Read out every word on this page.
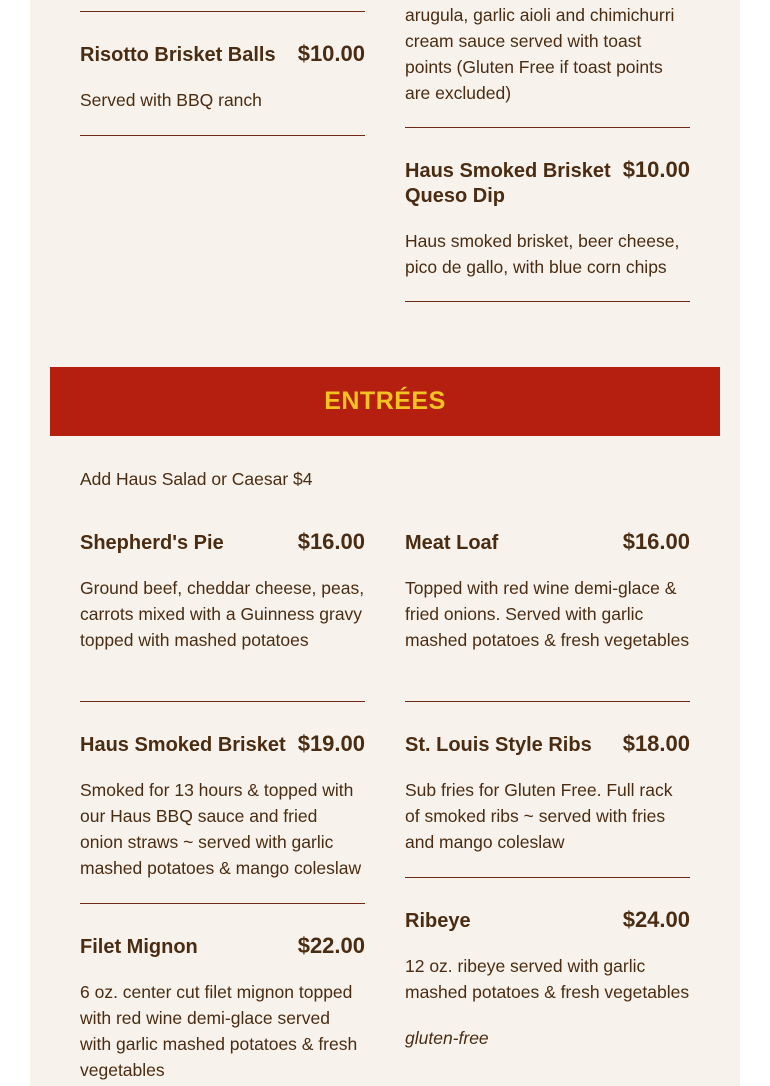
Risotto Brisket Balls	$10.00
Served with BBQ ranch
arugula, garlic aioli and chimichurri cream sauce served with toast points (Gluten Free if toast points are excluded)
Haus Smoked Brisket Queso Dip
$10.00
Haus smoked brisket, beer cheese, pico de gallo, with blue corn chips
ENTRÉES
Add Haus Salad or Caesar $4
Shepherd's Pie	$16.00
Ground beef, cheddar cheese, peas, carrots mixed with a Guinness gravy topped with mashed potatoes
Haus Smoked Brisket $19.00
Smoked for 13 hours & topped with our Haus BBQ sauce and fried onion straws ~ served with garlic mashed potatoes & mango coleslaw
Filet Mignon	$22.00
6 oz. center cut filet mignon topped with red wine demi-glace served with garlic mashed potatoes & fresh vegetables
Meat Loaf	$16.00
Topped with red wine demi-glace & fried onions. Served with garlic mashed potatoes & fresh vegetables
St. Louis Style Ribs	$18.00
Sub fries for Gluten Free. Full rack of smoked ribs ~ served with fries and mango coleslaw
Ribeye	$24.00
12 oz. ribeye served with garlic mashed potatoes & fresh vegetables
gluten-free
